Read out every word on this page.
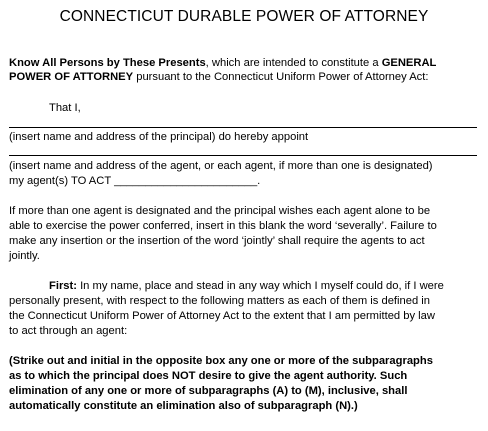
CONNECTICUT DURABLE POWER OF ATTORNEY
Know All Persons by These Presents, which are intended to constitute a GENERAL
POWER OF ATTORNEY pursuant to the Connecticut Uniform Power of Attorney Act:
That I,
(insert name and address of the principal) do hereby appoint
(insert name and address of the agent, or each agent, if more than one is designated)
my agent(s) TO ACT _______________________.
If more than one agent is designated and the principal wishes each agent alone to be
able to exercise the power conferred, insert in this blank the word ‘severally’. Failure to
make any insertion or the insertion of the word ‘jointly’ shall require the agents to act
jointly.
First: In my name, place and stead in any way which I myself could do, if I were
personally present, with respect to the following matters as each of them is defined in
the Connecticut Uniform Power of Attorney Act to the extent that I am permitted by law
to act through an agent:
(Strike out and initial in the opposite box any one or more of the subparagraphs
as to which the principal does NOT desire to give the agent authority. Such
elimination of any one or more of subparagraphs (A) to (M), inclusive, shall
automatically constitute an elimination also of subparagraph (N).)
